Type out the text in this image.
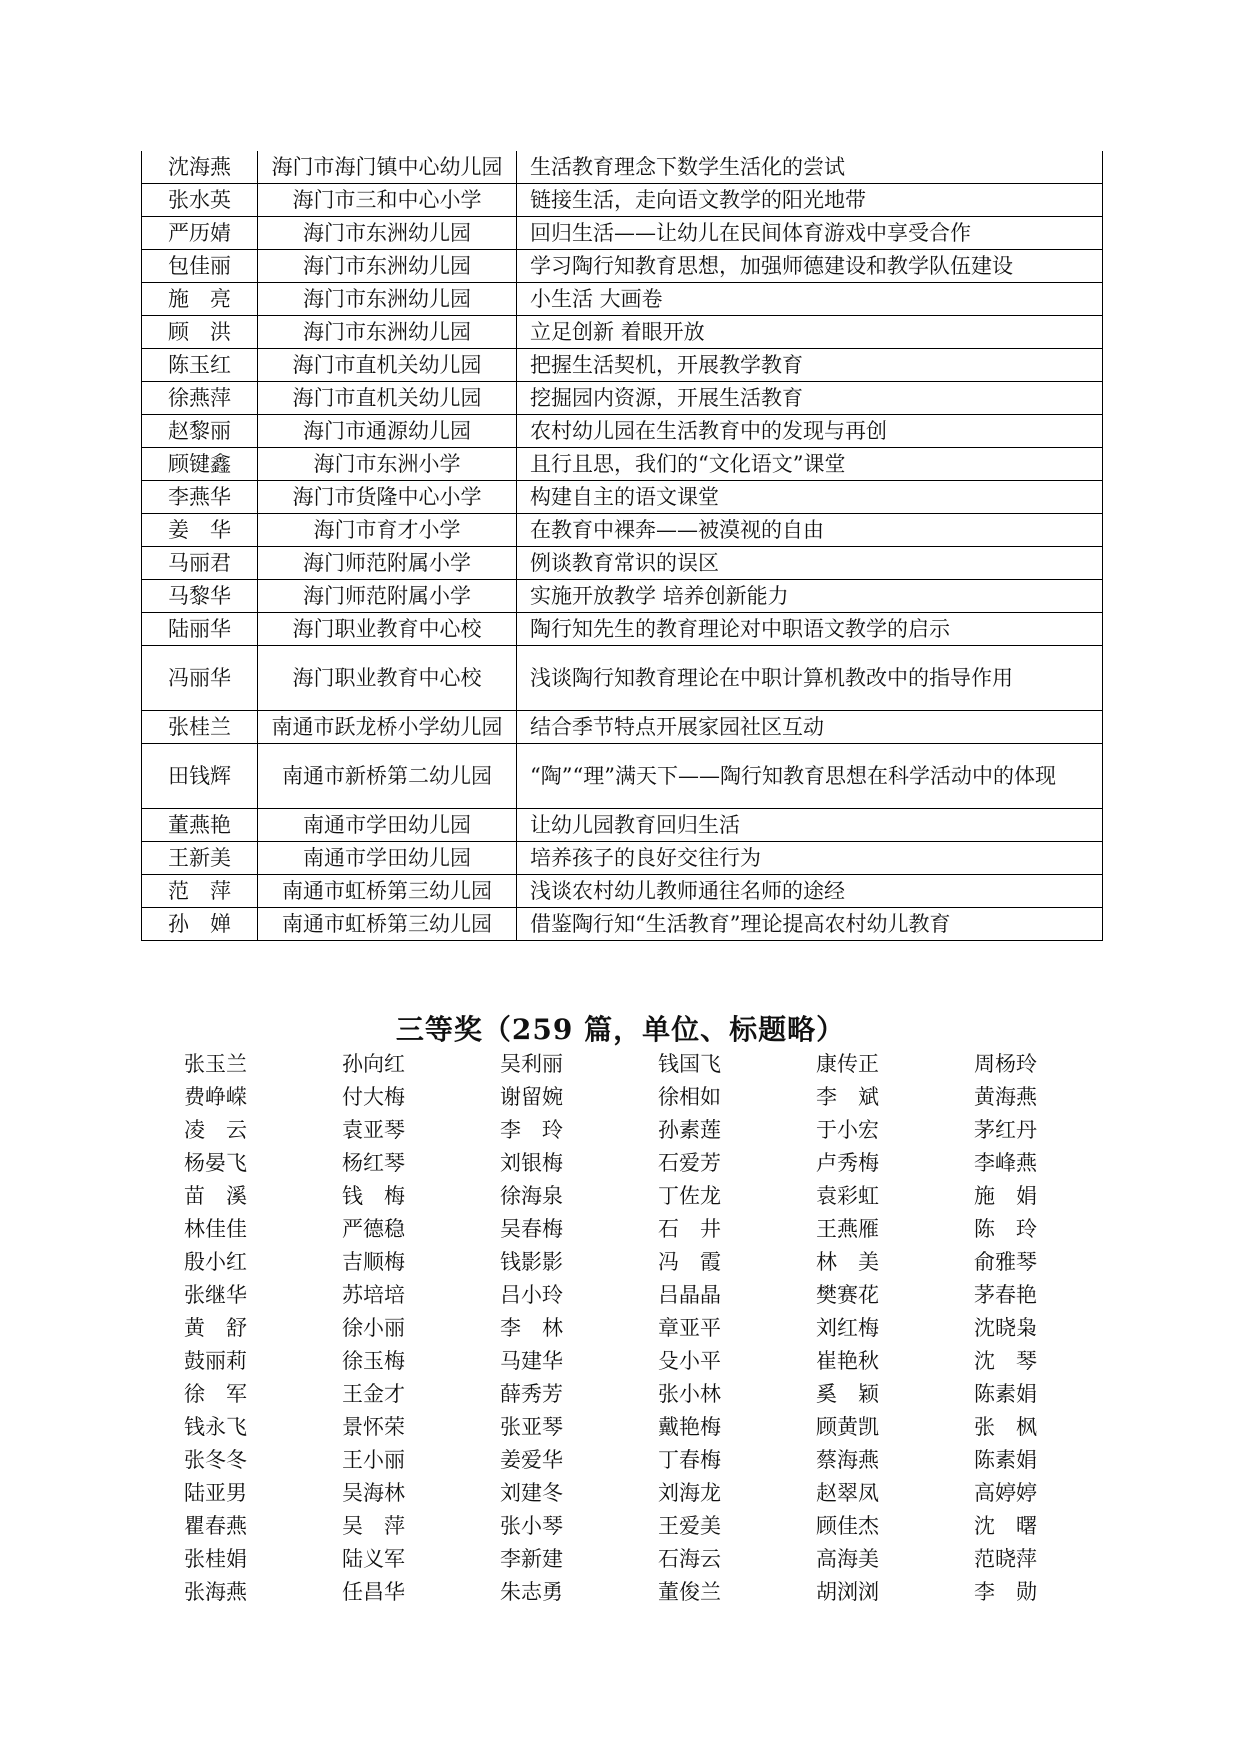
沈海燕	海门市海门镇中心幼儿园	生活教育理念下数学生活化的尝试
张水英	海门市三和中心小学	链接生活，走向语文教学的阳光地带
严历婧	海门市东洲幼儿园	回归生活——让幼儿在民间体育游戏中享受合作
包佳丽	海门市东洲幼儿园	学习陶行知教育思想，加强师德建设和教学队伍建设
施　亮	海门市东洲幼儿园	小生活 大画卷
顾　洪	海门市东洲幼儿园	立足创新 着眼开放
陈玉红	海门市直机关幼儿园	把握生活契机，开展教学教育
徐燕萍	海门市直机关幼儿园	挖掘园内资源，开展生活教育
赵黎丽	海门市通源幼儿园	农村幼儿园在生活教育中的发现与再创
顾键鑫	海门市东洲小学	且行且思，我们的“文化语文”课堂
李燕华	海门市货隆中心小学	构建自主的语文课堂
姜　华	海门市育才小学	在教育中裸奔——被漠视的自由
马丽君	海门师范附属小学	例谈教育常识的误区
马黎华	海门师范附属小学	实施开放教学 培养创新能力
陆丽华	海门职业教育中心校	陶行知先生的教育理论对中职语文教学的启示
冯丽华	海门职业教育中心校	浅谈陶行知教育理论在中职计算机教改中的指导作用
张桂兰	南通市跃龙桥小学幼儿园	结合季节特点开展家园社区互动
田钱辉	南通市新桥第二幼儿园	“陶”“理”满天下——陶行知教育思想在科学活动中的体现
董燕艳	南通市学田幼儿园	让幼儿园教育回归生活
王新美	南通市学田幼儿园	培养孩子的良好交往行为
范　萍	南通市虹桥第三幼儿园	浅谈农村幼儿教师通往名师的途经
孙　婵	南通市虹桥第三幼儿园	借鉴陶行知“生活教育”理论提高农村幼儿教育
三等奖（259 篇，单位、标题略）
张玉兰	孙向红	吴利丽	钱国飞	康传正	周杨玲
费峥嵘	付大梅	谢留婉	徐相如	李　斌	黄海燕
凌　云	袁亚琴	李　玲	孙素莲	于小宏	茅红丹
杨晏飞	杨红琴	刘银梅	石爱芳	卢秀梅	李峰燕
苗　溪	钱　梅	徐海泉	丁佐龙	袁彩虹	施　娟
林佳佳	严德稳	吴春梅	石　井	王燕雁	陈　玲
殷小红	吉顺梅	钱影影	冯　霞	林　美	俞雅琴
张继华	苏培培	吕小玲	吕晶晶	樊赛花	茅春艳
黄　舒	徐小丽	李　林	章亚平	刘红梅	沈晓枭
鼓丽莉	徐玉梅	马建华	殳小平	崔艳秋	沈　琴
徐　军	王金才	薛秀芳	张小林	奚　颖	陈素娟
钱永飞	景怀荣	张亚琴	戴艳梅	顾黄凯	张　枫
张冬冬	王小丽	姜爱华	丁春梅	蔡海燕	陈素娟
陆亚男	吴海林	刘建冬	刘海龙	赵翠凤	高婷婷
瞿春燕	吴　萍	张小琴	王爱美	顾佳杰	沈　曙
张桂娟	陆义军	李新建	石海云	高海美	范晓萍
张海燕	任昌华	朱志勇	董俊兰	胡浏浏	李　勋
